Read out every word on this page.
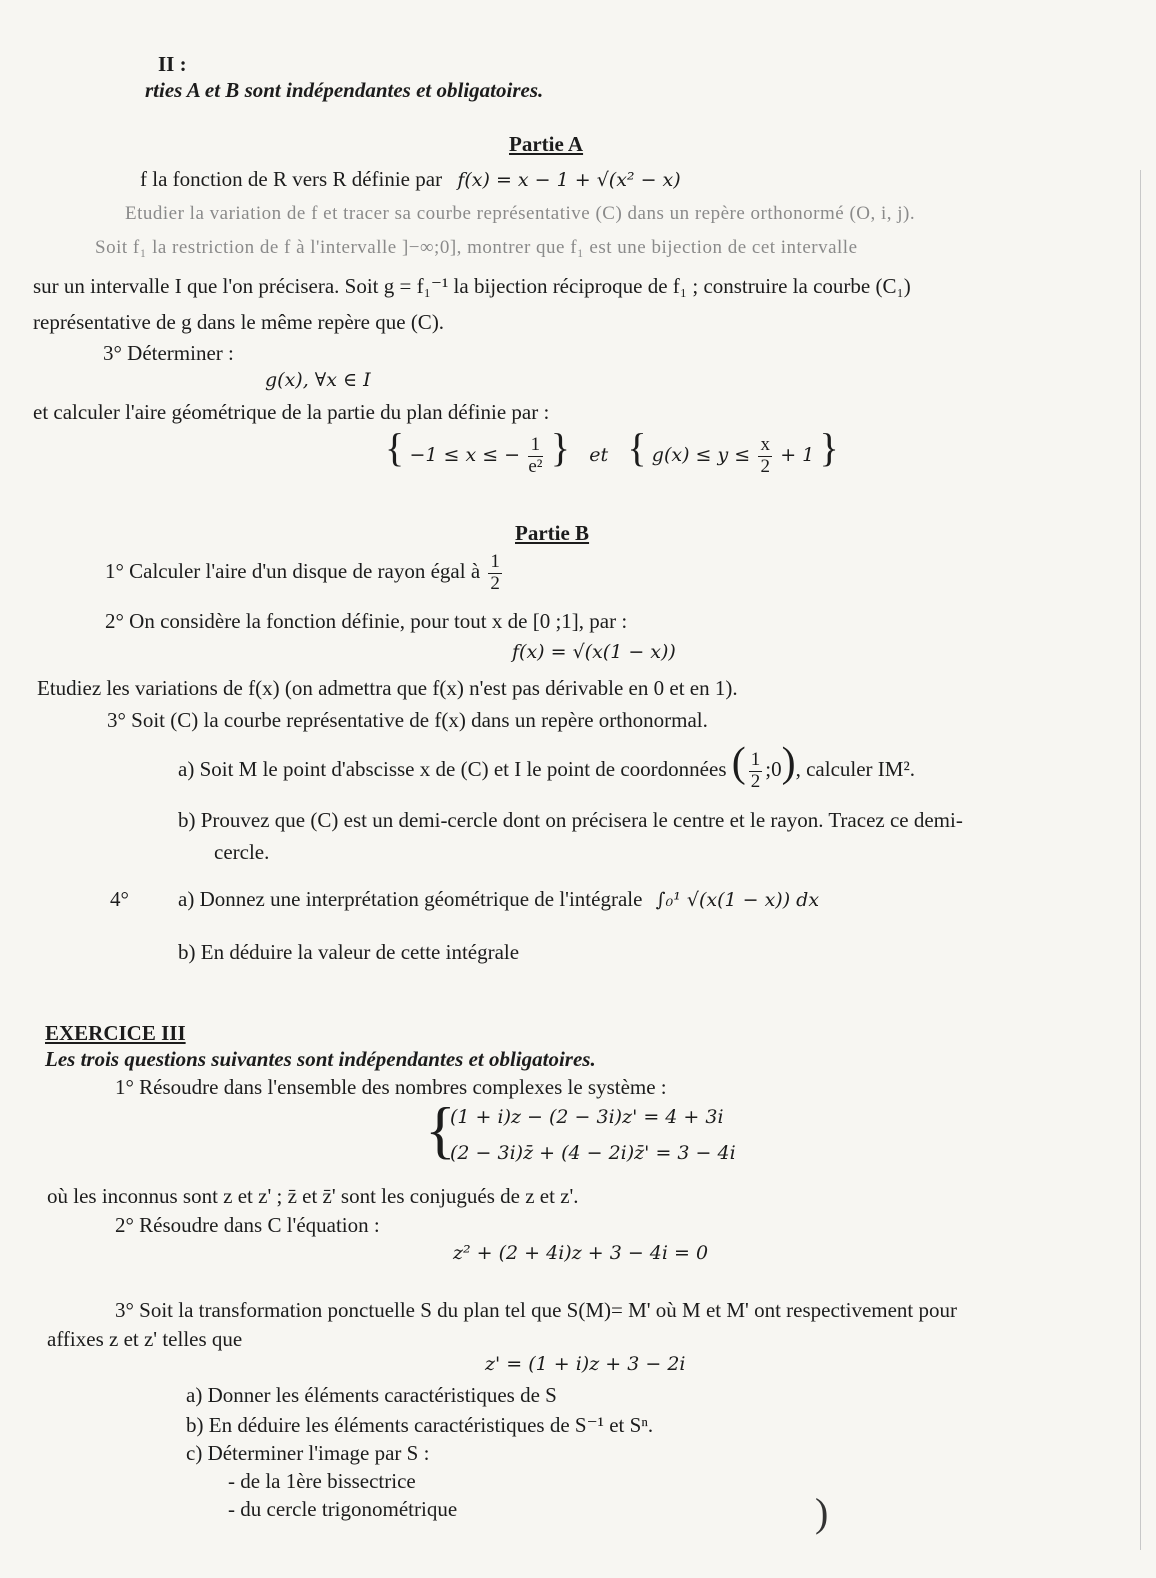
II :
rties A et B sont indépendantes et obligatoires.
Partie A
f la fonction de R vers R définie par f(x) = x − 1 + √(x² − x)
Etudier la variation de f et tracer sa courbe représentative (C) dans un repère orthonormé (O, i, j).
Soit f₁ la restriction de f à l'intervalle ]−∞;0], montrer que f₁ est une bijection de cet intervalle
sur un intervalle I que l'on précisera. Soit g = f₁⁻¹ la bijection réciproque de f₁ ; construire la courbe (C₁)
représentative de g dans le même repère que (C).
3° Déterminer :
g(x), ∀x ∈ I
et calculer l'aire géométrique de la partie du plan définie par :
{ −1 ≤ x ≤ − $\frac{1}{\text{e²}}$ } et { $g(x) \le y \le \frac{x}{2} + 1$ }
Partie B
1° Calculer l'aire d'un disque de rayon égal à $\frac{1}{2}$
2° On considère la fonction définie, pour tout x de [0 ;1], par :
f(x) = √(x(1 − x))
Etudiez les variations de f(x) (on admettra que f(x) n'est pas dérivable en 0 et en 1).
3° Soit (C) la courbe représentative de f(x) dans un repère orthonormal.
a) Soit M le point d'abscisse x de (C) et I le point de coordonnées ( $\frac{1}{2}$ ;0), calculer IM².
b) Prouvez que (C) est un demi-cercle dont on précisera le centre et le rayon. Tracez ce demi-
cercle.
4° a) Donnez une interprétation géométrique de l'intégrale ∫₀¹ √(x(1 − x)) dx
b) En déduire la valeur de cette intégrale
EXERCICE III
Les trois questions suivantes sont indépendantes et obligatoires.
1° Résoudre dans l'ensemble des nombres complexes le système :
{
(1 + i)z − (2 − 3i)z' = 4 + 3i
(2 − 3i)z̄ + (4 − 2i)z̄' = 3 − 4i
où les inconnus sont z et z' ; z̄ et z̄' sont les conjugués de z et z'.
2° Résoudre dans C l'équation :
z² + (2 + 4i)z + 3 − 4i = 0
3° Soit la transformation ponctuelle S du plan tel que S(M)= M' où M et M' ont respectivement pour
affixes z et z' telles que
z' = (1 + i)z + 3 − 2i
a) Donner les éléments caractéristiques de S
b) En déduire les éléments caractéristiques de S⁻¹ et Sⁿ.
c) Déterminer l'image par S :
- de la 1ère bissectrice
- du cercle trigonométrique	)
